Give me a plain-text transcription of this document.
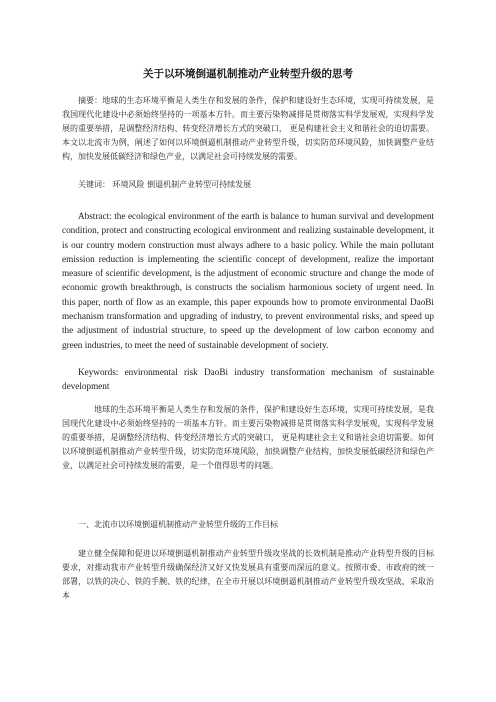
关于以环境倒逼机制推动产业转型升级的思考

摘要：地球的生态环境平衡是人类生存和发展的条件，保护和建设好生态环境，实现可持续发展，是我国现代化建设中必须始终坚持的一项基本方针。而主要污染物减排是贯彻落实科学发展观，实现科学发展的重要举措，是调整经济结构、转变经济增长方式的突破口， 更是构建社会主义和谐社会的迫切需要。本文以北流市为例，阐述了如何以环境倒逼机制推动产业转型升级，切实防范环境风险，加快调整产业结构，加快发展低碳经济和绿色产业，以满足社会可持续发展的需要。

关键词： 环境风险 倒逼机制产业转型可持续发展

Abstract: the ecological environment of the earth is balance to human survival and development condition, protect and constructing ecological environment and realizing sustainable development, it is our country modern construction must always adhere to a basic policy. While the main pollutant emission reduction is implementing the scientific concept of development, realize the important measure of scientific development, is the adjustment of economic structure and change the mode of economic growth breakthrough, is constructs the socialism harmonious society of urgent need. In this paper, north of flow as an example, this paper expounds how to promote environmental DaoBi mechanism transformation and upgrading of industry, to prevent environmental risks, and speed up the adjustment of industrial structure, to speed up the development of low carbon economy and green industries, to meet the need of sustainable development of society.

Keywords: environmental risk DaoBi industry transformation mechanism of sustainable development

地球的生态环境平衡是人类生存和发展的条件，保护和建设好生态环境，实现可持续发展，是我国现代化建设中必须始终坚持的一项基本方针。而主要污染物减排是贯彻落实科学发展观，实现科学发展的重要举措，是调整经济结构、转变经济增长方式的突破口， 更是构建社会主义和谐社会迫切需要。如何以环境倒逼机制推动产业转型升级，切实防范环境风险，加快调整产业结构，加快发展低碳经济和绿色产业，以满足社会可持续发展的需要，是一个值得思考的问题。

一、北流市以环境倒逼机制推动产业转型升级的工作目标

建立健全保障和促进以环境倒逼机制推动产业转型升级攻坚战的长效机制是推动产业转型升级的目标要求，对推动我市产业转型升级确保经济又好又快发展具有重要而深远的意义。按照市委、市政府的统一部署，以铁的决心、铁的手腕、铁的纪律，在全市开展以环境倒逼机制推动产业转型升级攻坚战，采取治本
